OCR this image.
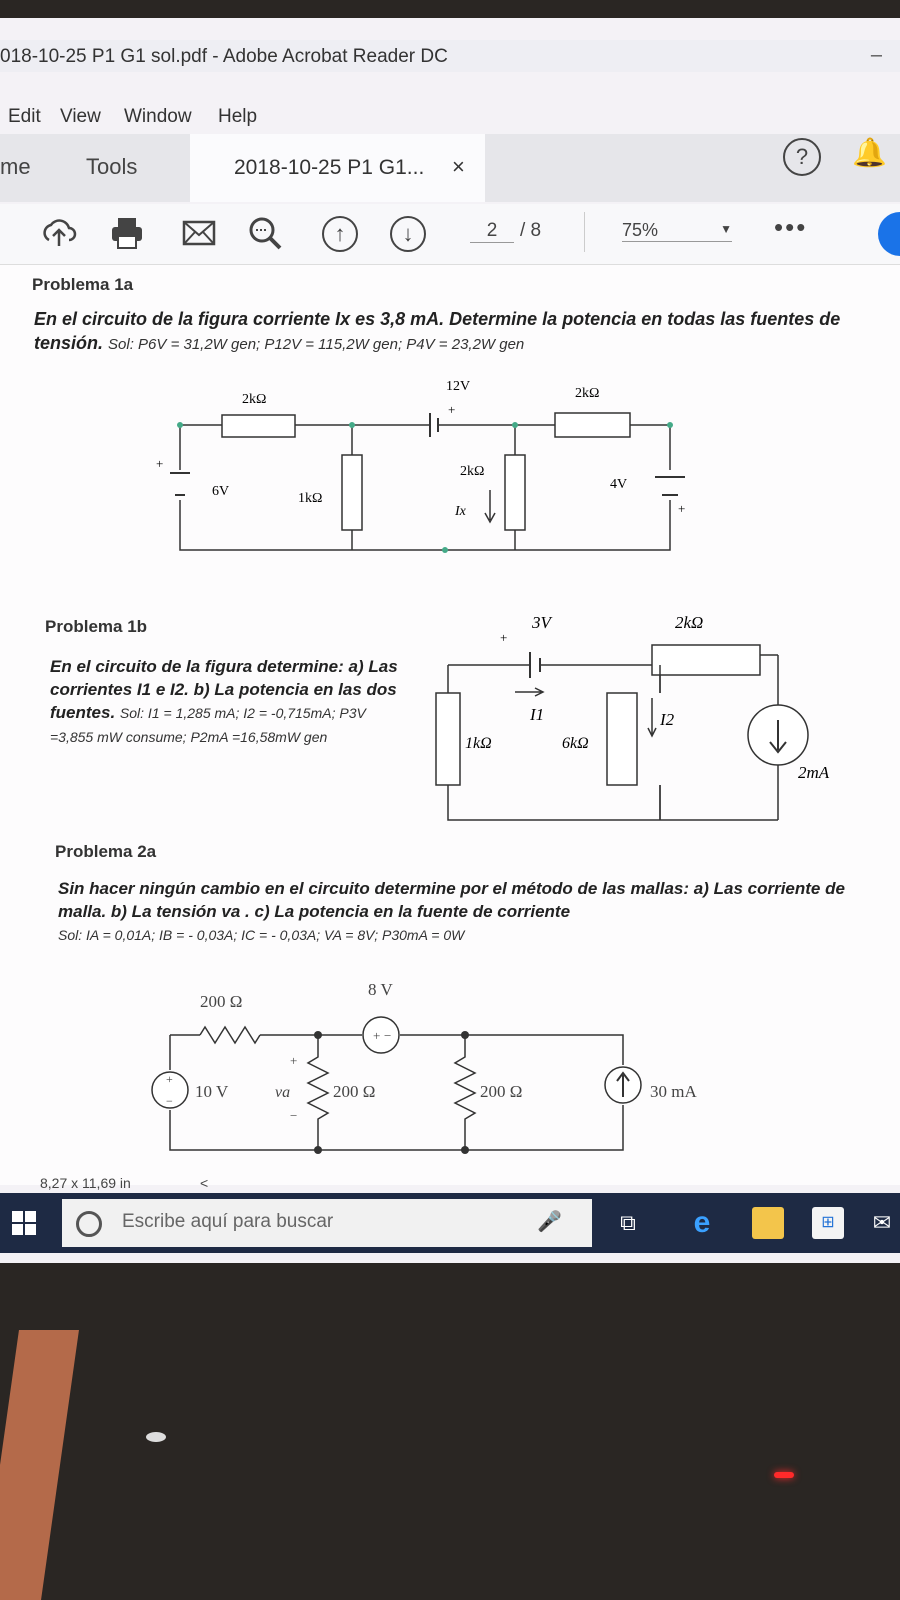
018-10-25 P1 G1 sol.pdf - Adobe Acrobat Reader DC	–
Edit View Window Help
me	Tools	2018-10-25 P1 G1... ×	?	🔔
↑	↓	2	/ 8	75%	▼ •••
Problema 1a
En el circuito de la figura corriente Ix es 3,8 mA. Determine la potencia en todas las fuentes de tensión. Sol: P6V = 31,2W gen; P12V = 115,2W gen; P4V = 23,2W gen
2kΩ
12V
+
2kΩ
+
6V	1kΩ
2kΩ
Ix
4V
+
Problema 1b
En el circuito de la figura determine: a) Las corrientes I1 e I2. b) La potencia en las dos fuentes. Sol: I1 = 1,285 mA; I2 = -0,715mA; P3V =3,855 mW consume; P2mA =16,58mW gen
3V	2kΩ
+
I1
1kΩ	6kΩ
I2
2mA
Problema 2a
Sin hacer ningún cambio en el circuito determine por el método de las mallas: a) Las corriente de malla. b) La tensión va . c) La potencia en la fuente de corriente
Sol: IA = 0,01A; IB = - 0,03A; IC = - 0,03A; VA = 8V; P30mA = 0W
200 Ω
8 V
+ −
+
− 10 V
+
va
−
200 Ω	200 Ω	30 mA
8,27 x 11,69 in	<
Escribe aquí para buscar	🎤	⧉ e	⊞	✉
